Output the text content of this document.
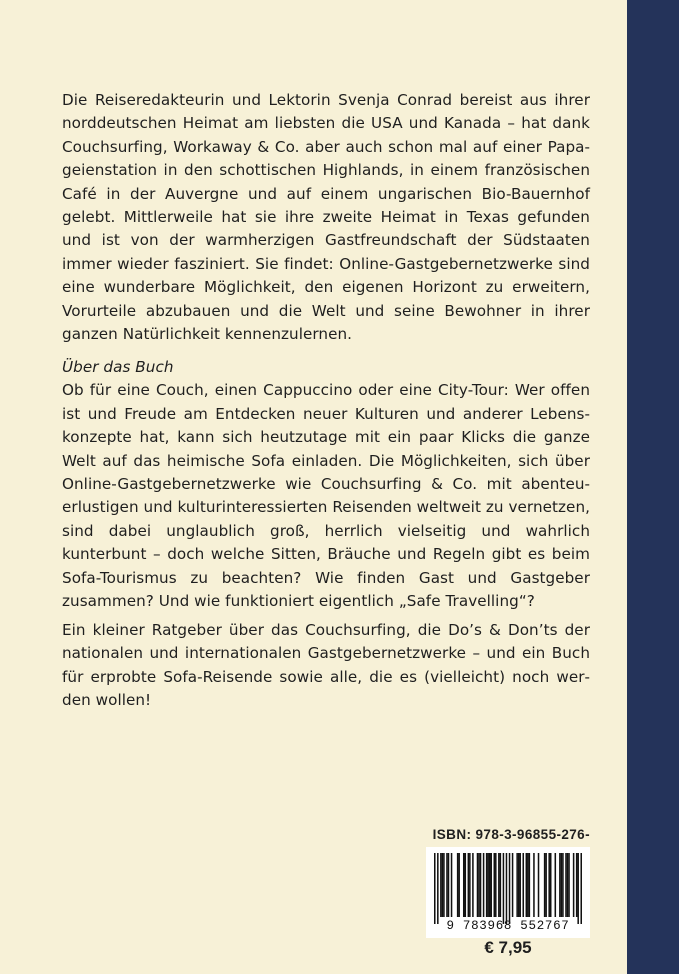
Die Reiseredakteurin und Lektorin Svenja Conrad bereist aus ihrer norddeutschen Heimat am liebsten die USA und Kanada – hat dank Couchsurfing, Workaway & Co. aber auch schon mal auf einer Papageienstation in den schottischen Highlands, in einem französischen Café in der Auvergne und auf einem ungarischen Bio-Bauernhof gelebt. Mittlerweile hat sie ihre zweite Heimat in Texas gefunden und ist von der warmherzigen Gastfreundschaft der Südstaaten immer wieder fasziniert. Sie findet: Online-Gastgebernetzwerke sind eine wunderbare Möglichkeit, den eigenen Horizont zu erweitern, Vorurteile abzubauen und die Welt und seine Bewohner in ihrer ganzen Natürlichkeit kennenzulernen.

Über das Buch

Ob für eine Couch, einen Cappuccino oder eine City-Tour: Wer offen ist und Freude am Entdecken neuer Kulturen und anderer Lebenskonzepte hat, kann sich heutzutage mit ein paar Klicks die ganze Welt auf das heimische Sofa einladen. Die Möglichkeiten, sich über Online-Gastgebernetzwerke wie Couchsurfing & Co. mit abenteuerlustigen und kulturinteressierten Reisenden weltweit zu vernetzen, sind dabei unglaublich groß, herrlich vielseitig und wahrlich kunterbunt – doch welche Sitten, Bräuche und Regeln gibt es beim Sofa-Tourismus zu beachten? Wie finden Gast und Gastgeber zusammen? Und wie funktioniert eigentlich „Safe Travelling“?

Ein kleiner Ratgeber über das Couchsurfing, die Do’s & Don’ts der nationalen und internationalen Gastgebernetzwerke – und ein Buch für erprobte Sofa-Reisende sowie alle, die es (vielleicht) noch werden wollen!

ISBN: 978-3-96855-276-
9 783968 552767
€ 7,95
